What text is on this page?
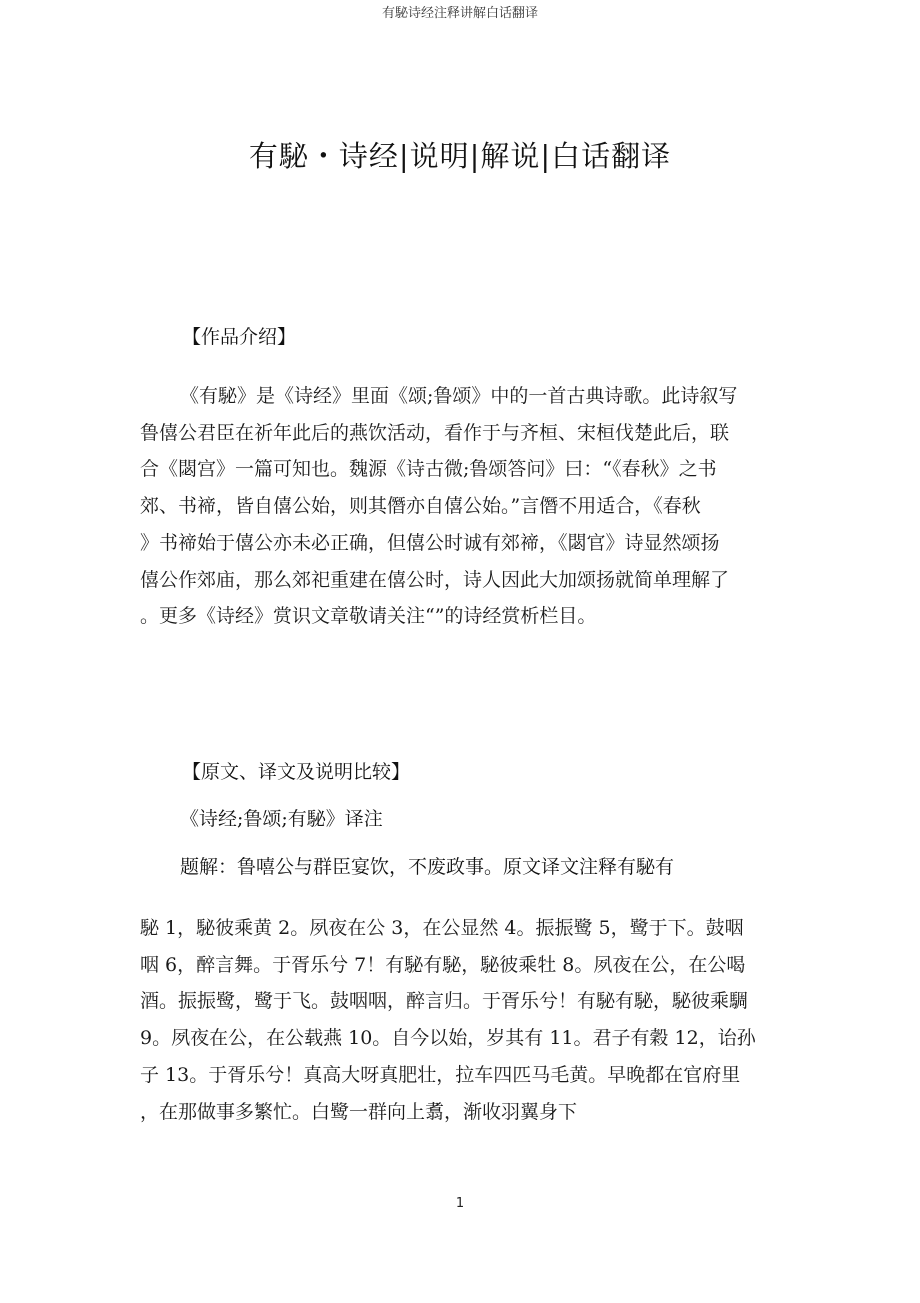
有駜诗经注释讲解白话翻译
有駜・诗经|说明|解说|白话翻译
【作品介绍】

《有駜》是《诗经》里面《颂;鲁颂》中的一首古典诗歌。此诗叙写

鲁僖公君臣在祈年此后的燕饮活动，看作于与齐桓、宋桓伐楚此后，联

合《閟宫》一篇可知也。魏源《诗古微;鲁颂答问》曰：“《春秋》之书

郊、书禘，皆自僖公始，则其僭亦自僖公始。”言僭不用适合，《春秋

》书禘始于僖公亦未必正确，但僖公时诚有郊禘，《閟官》诗显然颂扬

僖公作郊庙，那么郊祀重建在僖公时，诗人因此大加颂扬就简单理解了

。更多《诗经》赏识文章敬请关注“”的诗经赏析栏目。

【原文、译文及说明比较】
《诗经;鲁颂;有駜》译注
题解：鲁嘻公与群臣宴饮，不废政事。原文译文注释有駜有

駜 1，駜彼乘黄 2。夙夜在公 3，在公显然 4。振振鹭 5，鹭于下。鼓咽

咽 6，醉言舞。于胥乐兮 7！有駜有駜，駜彼乘牡 8。夙夜在公，在公喝

酒。振振鹭，鹭于飞。鼓咽咽，醉言归。于胥乐兮！有駜有駜，駜彼乘騆

9。夙夜在公，在公载燕 10。自今以始，岁其有 11。君子有穀 12，诒孙

子 13。于胥乐兮！真高大呀真肥壮，拉车四匹马毛黄。早晚都在官府里

，在那做事多繁忙。白鹭一群向上翥，渐收羽翼身下

1
